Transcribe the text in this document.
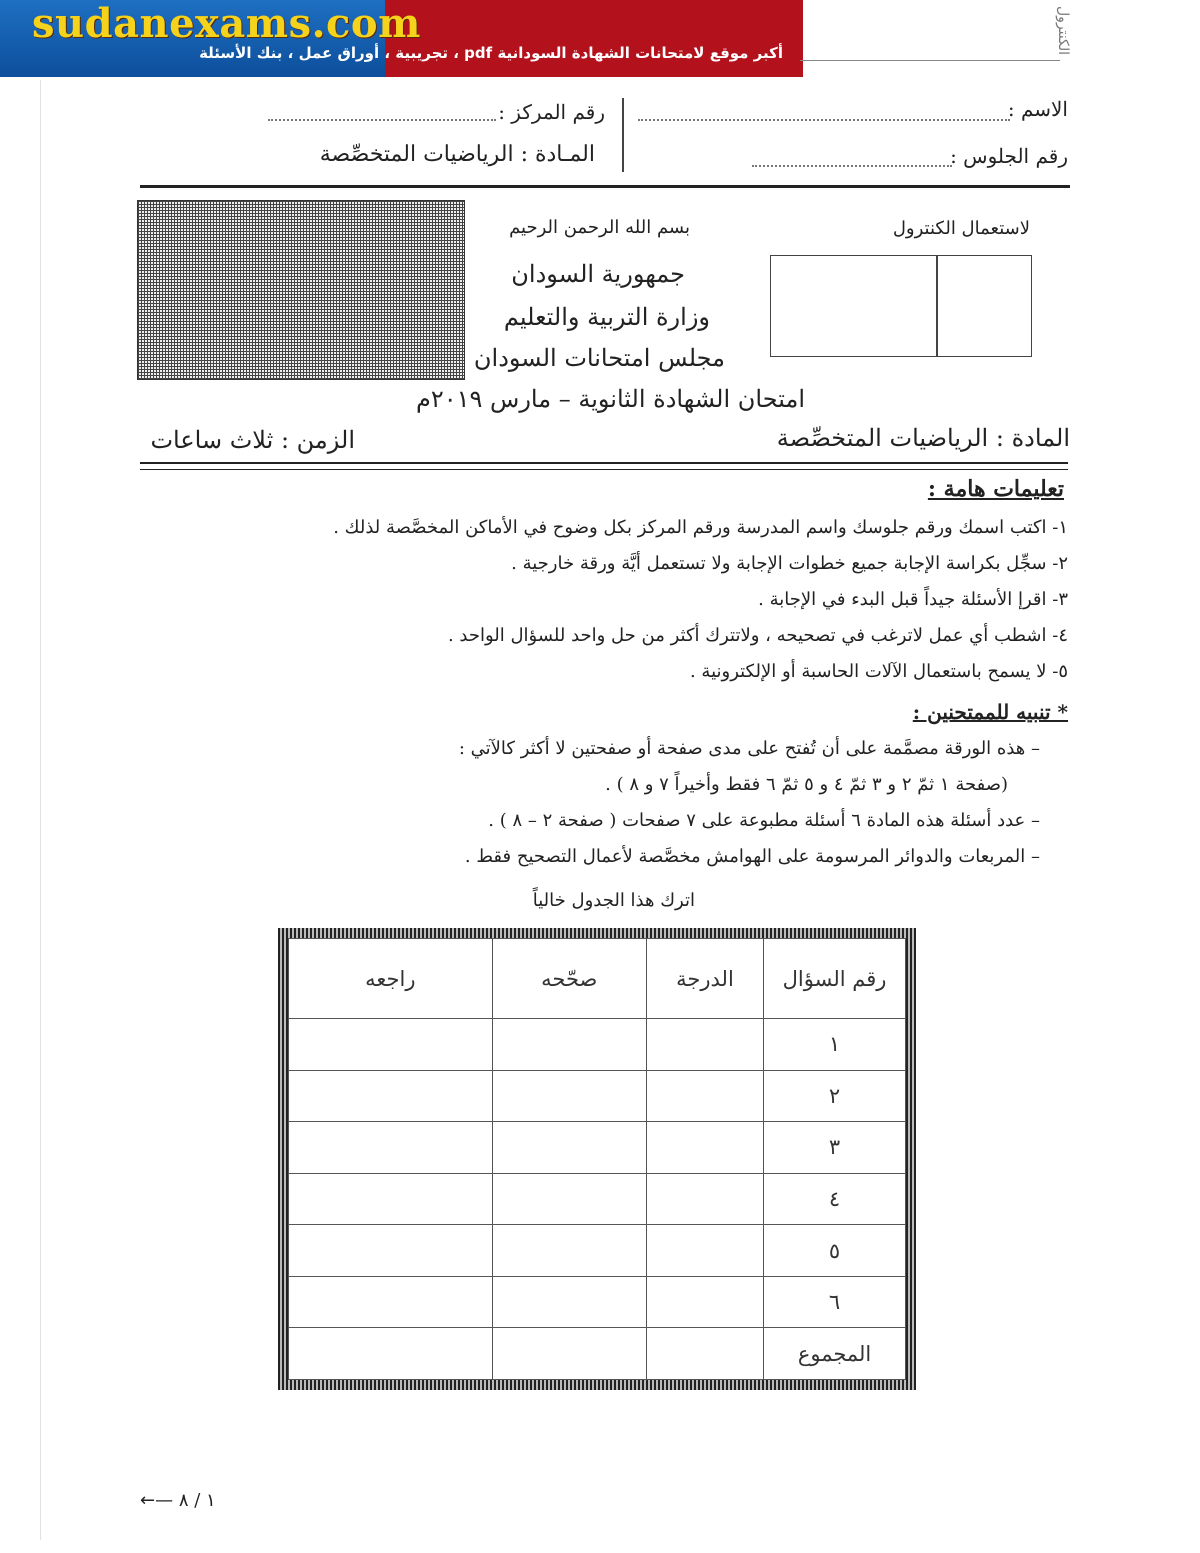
sudanexams.com
أكبر موقع لامتحانات الشهادة السودانية pdf ، تجريبية ، أوراق عمل ، بنك الأسئلة	الكنترول
الاسم :
رقم المركز :
رقم الجلوس :
المـادة : الرياضيات المتخصِّصة
بسم الله الرحمن الرحيم
جمهورية السودان
وزارة التربية والتعليم
مجلس امتحانات السودان
لاستعمال الكنترول
امتحان الشهادة الثانوية – مارس ٢٠١٩م
المادة : الرياضيات المتخصِّصة
الزمن : ثلاث ساعات
تعليمات هامة :
١- اكتب اسمك ورقم جلوسك واسم المدرسة ورقم المركز بكل وضوح في الأماكن المخصَّصة لذلك .
٢- سجِّل بكراسة الإجابة جميع خطوات الإجابة ولا تستعمل أيَّة ورقة خارجية .
٣- اقرإ الأسئلة جيداً قبل البدء في الإجابة .
٤- اشطب أي عمل لاترغب في تصحيحه ، ولاتترك أكثر من حل واحد للسؤال الواحد .
٥- لا يسمح باستعمال الآلات الحاسبة أو الإلكترونية .
* تنبيه للممتحنين :
– هذه الورقة مصمَّمة على أن تُفتح على مدى صفحة أو صفحتين لا أكثر كالآتي :
(صفحة ١ ثمّ ٢ و ٣ ثمّ ٤ و ٥ ثمّ ٦ فقط وأخيراً ٧ و ٨ ) .
– عدد أسئلة هذه المادة ٦ أسئلة مطبوعة على ٧ صفحات ( صفحة ٢ – ٨ ) .
– المربعات والدوائر المرسومة على الهوامش مخصَّصة لأعمال التصحيح فقط .
اترك هذا الجدول خالياً
رقم السؤال	الدرجة	صحّحه	راجعه
١			
٢			
٣			
٤			
٥			
٦			
المجموع			
←— ١ / ٨
